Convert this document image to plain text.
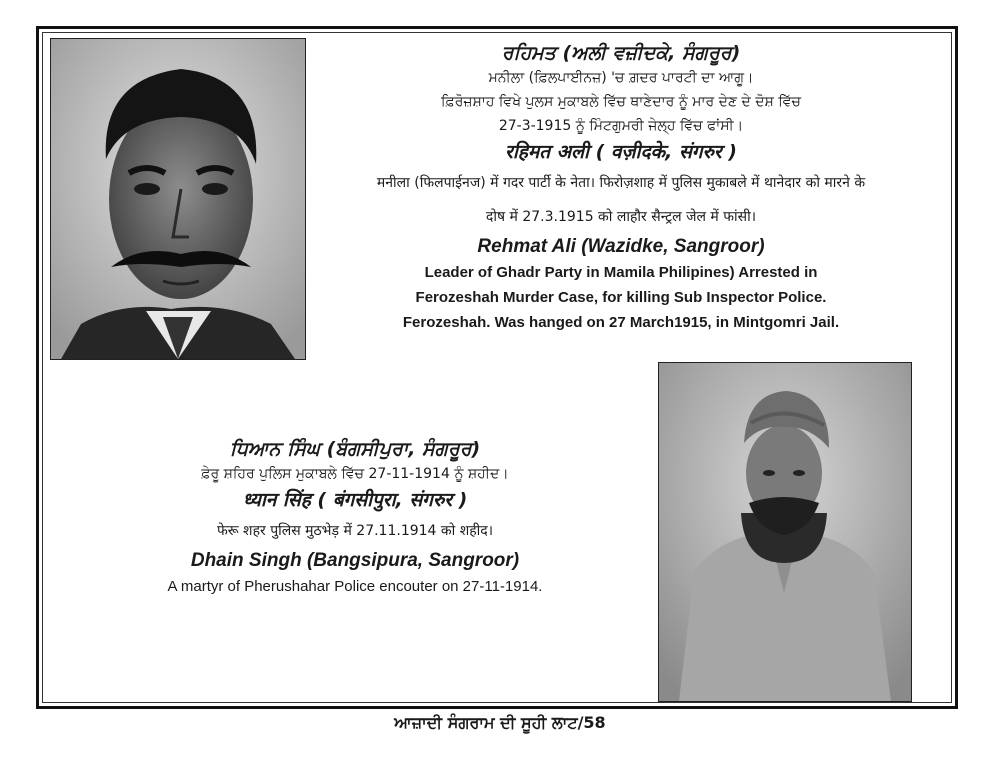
ਰਹਿਮਤ (ਅਲੀ ਵਜ਼ੀਦਕੇ, ਸੰਗਰੂਰ)
ਮਨੀਲਾ (ਫ਼ਿਲਪਾਈਨਜ਼) 'ਚ ਗ਼ਦਰ ਪਾਰਟੀ ਦਾ ਆਗੂ।
ਫ਼ਿਰੋਜ਼ਸ਼ਾਹ ਵਿਖੇ ਪੁਲਸ ਮੁਕਾਬਲੇ ਵਿੱਚ ਥਾਣੇਦਾਰ ਨੂੰ ਮਾਰ ਦੇਣ ਦੇ ਦੋਸ਼ ਵਿੱਚ
27-3-1915 ਨੂੰ ਮਿੰਟਗੁਮਰੀ ਜੇਲ੍ਹ ਵਿੱਚ ਫਾਂਸੀ।
रहिमत अली ( वज़ीदके, संगरुर )
मनीला (फिलपाईनज) में गदर पार्टी के नेता। फिरोज़शाह में पुलिस मुकाबले में थानेदार को मारने के
दोष में 27.3.1915 को लाहौर सैन्ट्रल जेल में फांसी।
Rehmat Ali (Wazidke, Sangroor)
Leader of Ghadr Party in Mamila Philipines) Arrested in
Ferozeshah Murder Case, for killing Sub Inspector Police.
Ferozeshah. Was hanged on 27 March1915, in Mintgomri Jail.
ਧਿਆਨ ਸਿੰਘ (ਬੰਗਸੀਪੁਰਾ, ਸੰਗਰੂਰ)
ਫ਼ੇਰੂ ਸ਼ਹਿਰ ਪੁਲਿਸ ਮੁਕਾਬਲੇ ਵਿੱਚ 27-11-1914 ਨੂੰ ਸ਼ਹੀਦ।
ध्यान सिंह ( बंगसीपुरा, संगरुर )
फेरू शहर पुलिस मुठभेड़ में 27.11.1914 को शहीद।
Dhain Singh (Bangsipura, Sangroor)
A martyr of Pherushahar Police encouter on 27-11-1914.
ਆਜ਼ਾਦੀ ਸੰਗਰਾਮ ਦੀ ਸੂਹੀ ਲਾਟ/58
